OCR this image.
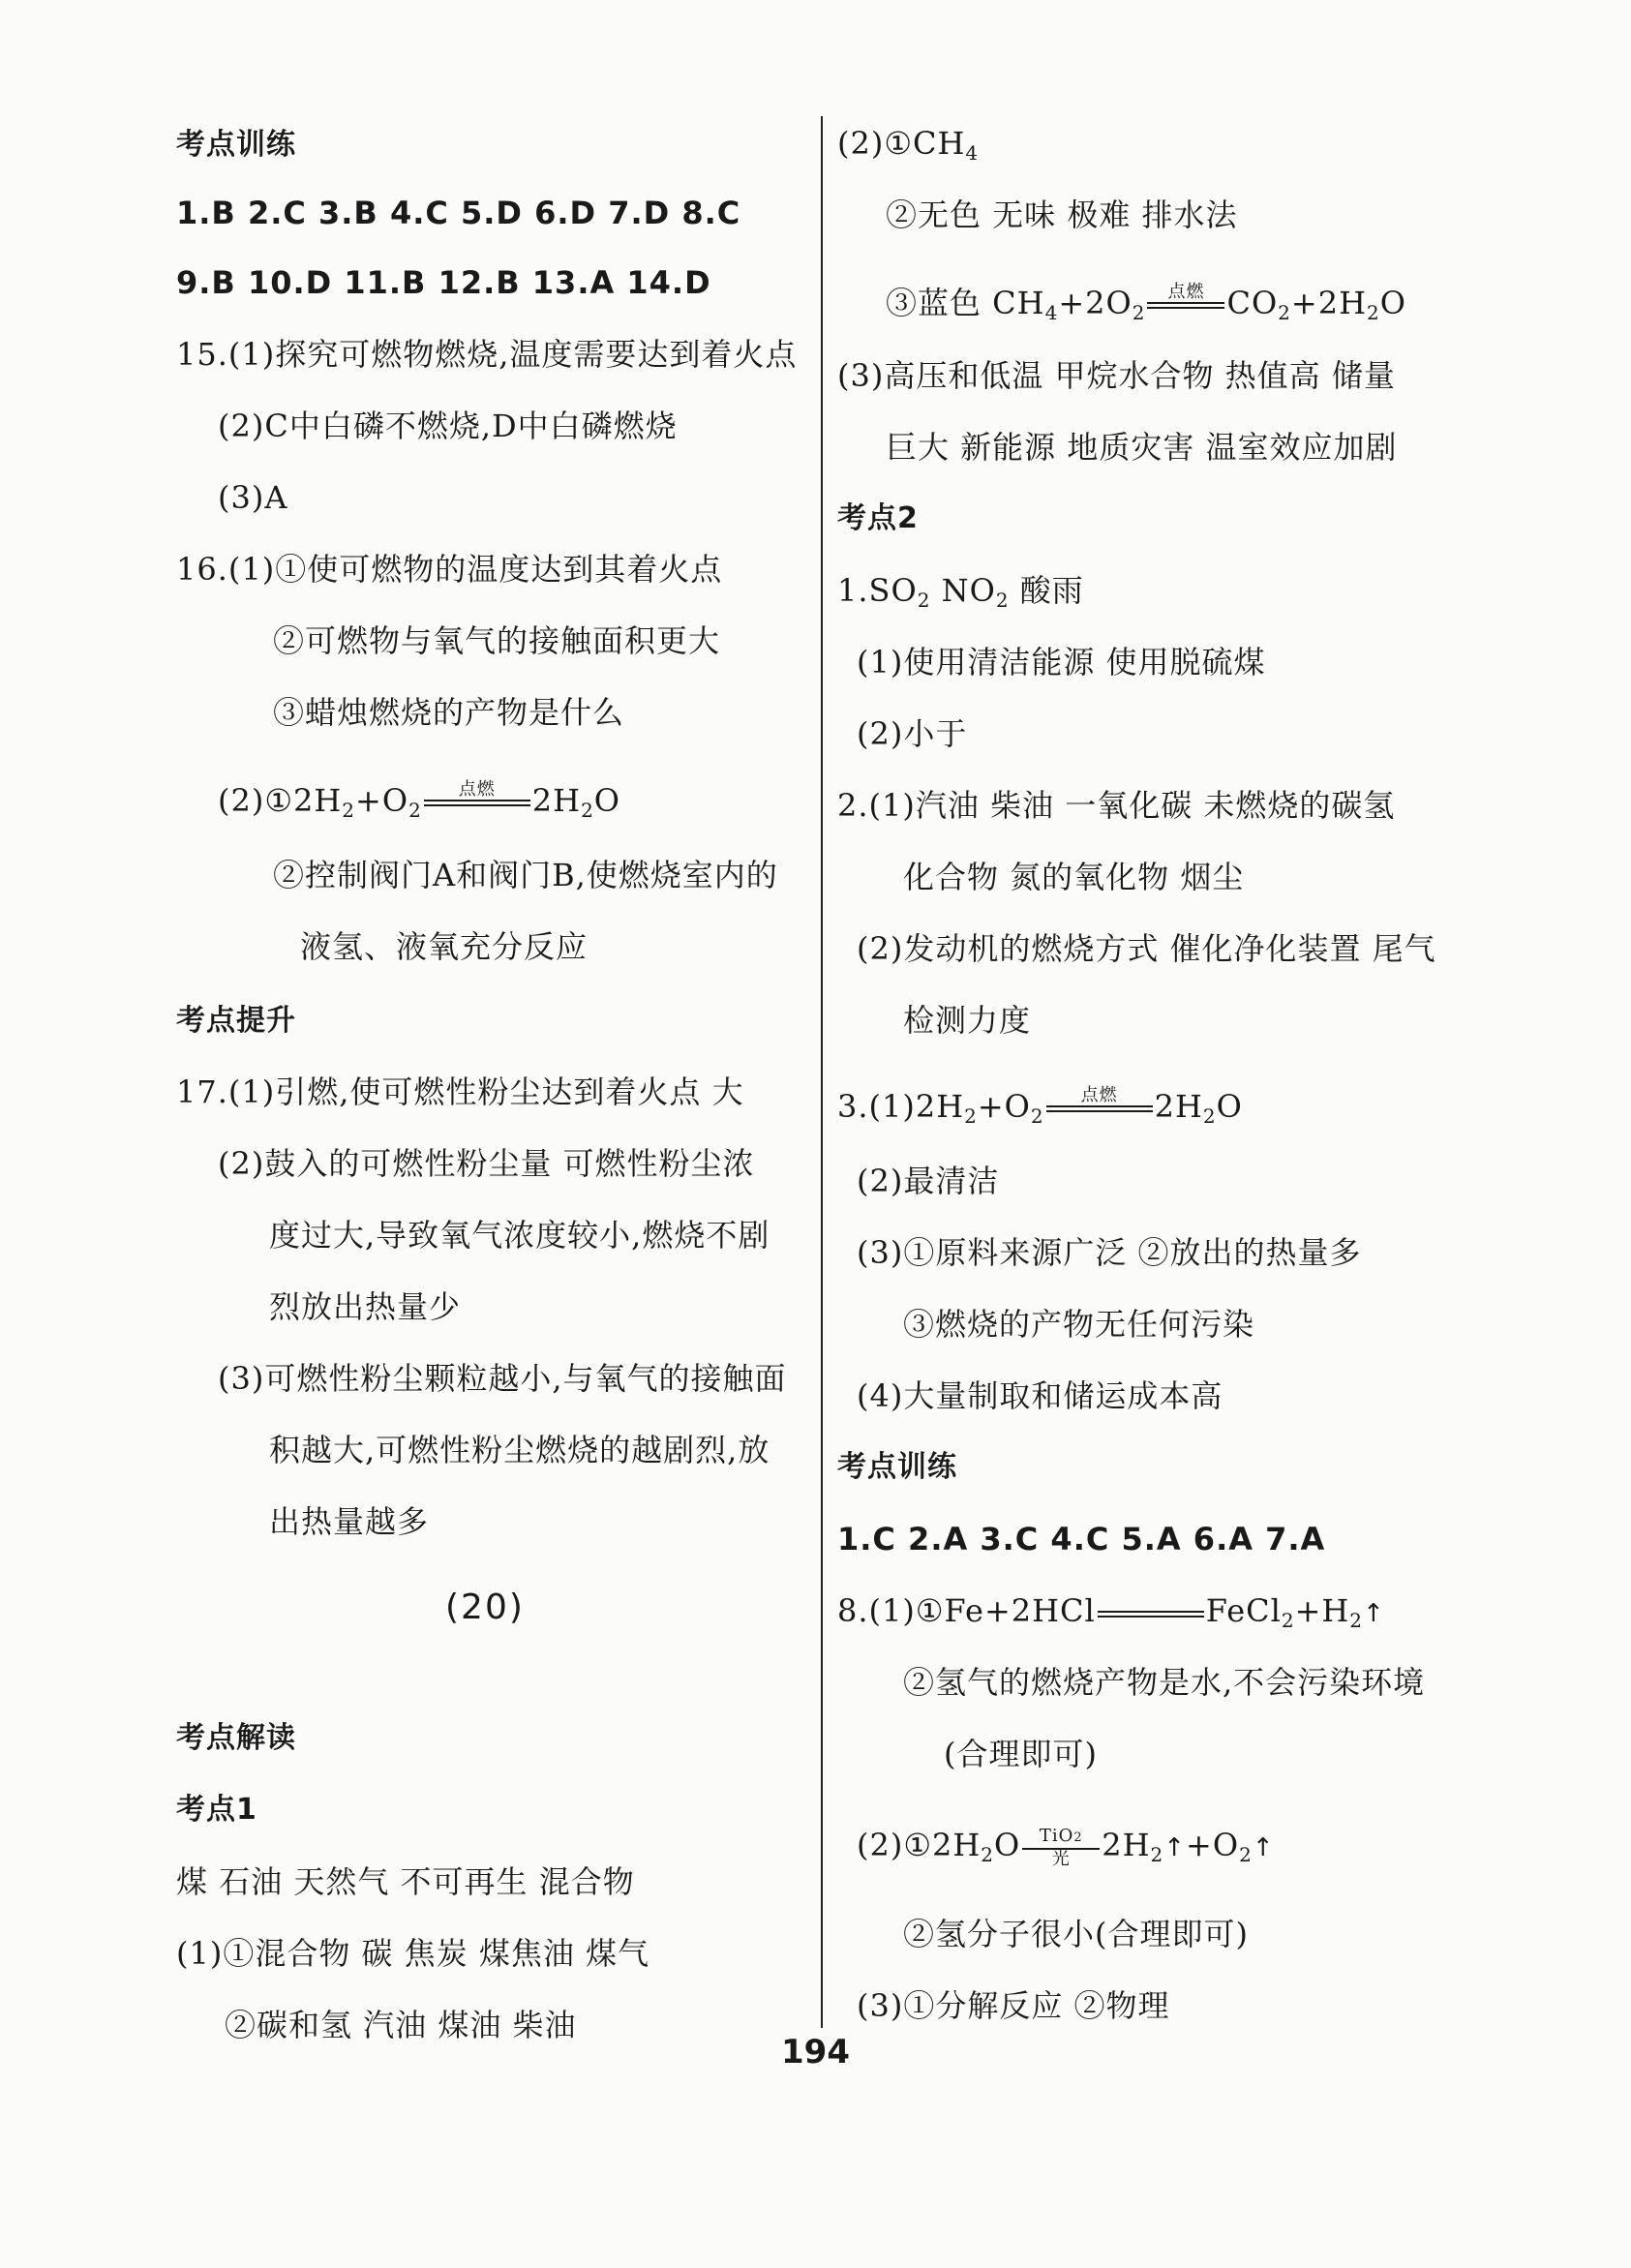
考点训练
1.B 2.C 3.B 4.C 5.D 6.D 7.D 8.C
9.B 10.D 11.B 12.B 13.A 14.D
15.(1)探究可燃物燃烧,温度需要达到着火点
(2)C中白磷不燃烧,D中白磷燃烧
(3)A
16.(1)①使可燃物的温度达到其着火点
②可燃物与氧气的接触面积更大
③蜡烛燃烧的产物是什么
$(2)①2H_2+O_2$
点燃
	$2H_2O$
②控制阀门A和阀门B,使燃烧室内的
液氢、液氧充分反应
考点提升
17.(1)引燃,使可燃性粉尘达到着火点 大
(2)鼓入的可燃性粉尘量 可燃性粉尘浓
度过大,导致氧气浓度较小,燃烧不剧
烈放出热量少
(3)可燃性粉尘颗粒越小,与氧气的接触面
积越大,可燃性粉尘燃烧的越剧烈,放
出热量越多
(20)
考点解读
考点1
煤 石油 天然气 不可再生 混合物
(1)①混合物 碳 焦炭 煤焦油 煤气
②碳和氢 汽油 煤油 柴油
$(2)①CH_4$
②无色 无味 极难 排水法
③蓝色 $CH_4+2O_2$
点燃
$CO_2+2H_2O$
(3)高压和低温 甲烷水合物 热值高 储量
巨大 新能源 地质灾害 温室效应加剧
考点2
$1.SO_2$ $NO_2$ 酸雨
(1)使用清洁能源 使用脱硫煤
(2)小于
2.(1)汽油 柴油 一氧化碳 未燃烧的碳氢
化合物 氮的氧化物 烟尘
(2)发动机的燃烧方式 催化净化装置 尾气
检测力度
$3.(1)2H_2+O_2$
点燃
	$2H_2O$
(2)最清洁
(3)①原料来源广泛 ②放出的热量多
③燃烧的产物无任何污染
(4)大量制取和储运成本高
考点训练
1.C 2.A 3.C 4.C 5.A 6.A 7.A
8.(1)①Fe+2HCl	$FeCl_2+H_2↑$
②氢气的燃烧产物是水,不会污染环境
(合理即可)
$(2)①2H_2O$	TiO2
光	$2H_2↑+O_2↑$
②氢分子很小(合理即可)
(3)①分解反应 ②物理
194
